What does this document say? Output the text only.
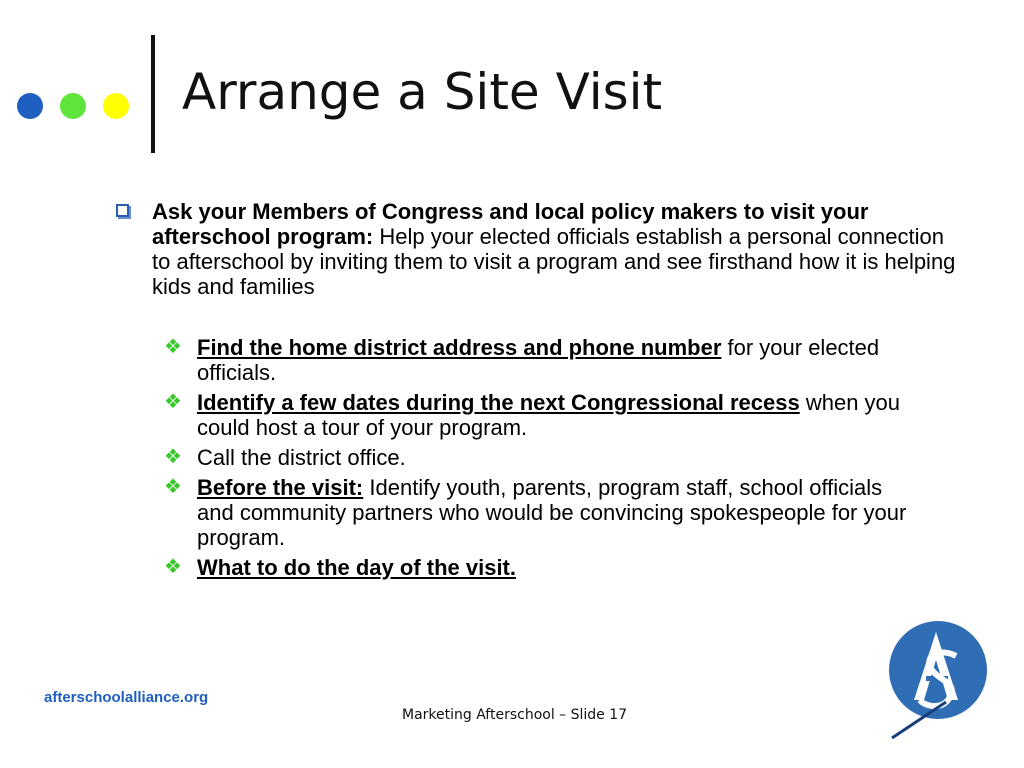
Arrange a Site Visit
Ask your Members of Congress and local policy makers to visit your afterschool program: Help your elected officials establish a personal connection to afterschool by inviting them to visit a program and see firsthand how it is helping kids and families
❖ Find the home district address and phone number for your elected officials.
❖ Identify a few dates during the next Congressional recess when you could host a tour of your program.
❖ Call the district office.
❖ Before the visit: Identify youth, parents, program staff, school officials and community partners who would be convincing spokespeople for your program.
❖ What to do the day of the visit.
afterschoolalliance.org
Marketing Afterschool – Slide 17
